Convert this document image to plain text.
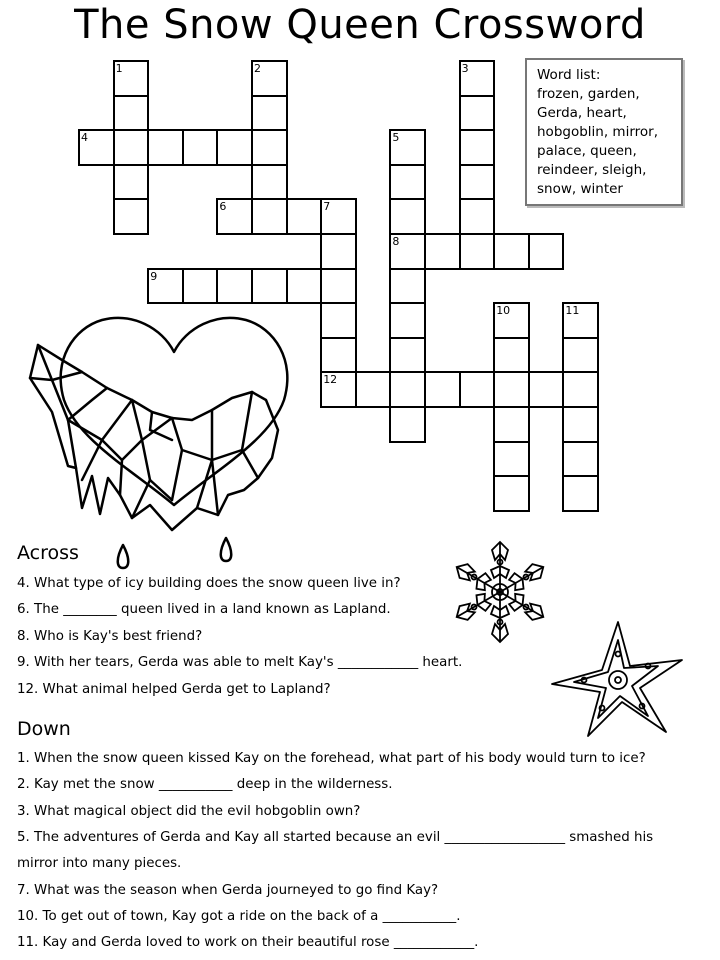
The Snow Queen Crossword
1	2	3
4	5
6	7
8
9
10	11
12
Word list:
frozen, garden,
Gerda, heart,
hobgoblin, mirror,
palace, queen,
reindeer, sleigh,
snow, winter
Across
4. What type of icy building does the snow queen live in?
6. The ________ queen lived in a land known as Lapland.
8. Who is Kay's best friend?
9. With her tears, Gerda was able to melt Kay's ____________ heart.
12. What animal helped Gerda get to Lapland?
Down
1. When the snow queen kissed Kay on the forehead, what part of his body would turn to ice?
2. Kay met the snow ___________ deep in the wilderness.
3. What magical object did the evil hobgoblin own?
5. The adventures of Gerda and Kay all started because an evil __________________ smashed his
mirror into many pieces.
7. What was the season when Gerda journeyed to go find Kay?
10. To get out of town, Kay got a ride on the back of a ___________.
11. Kay and Gerda loved to work on their beautiful rose ____________.
